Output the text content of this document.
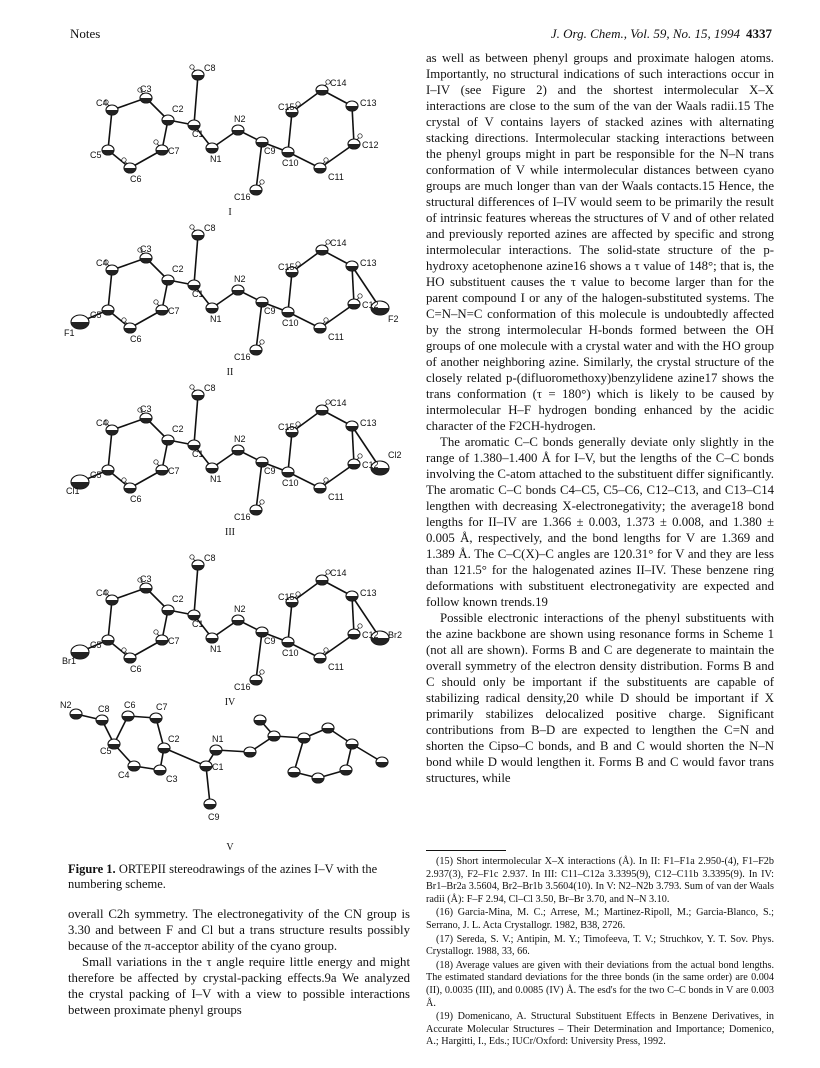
Notes	J. Org. Chem., Vol. 59, No. 15, 1994 4337
C3
C4
C2
C8
C1
C7
N1
N2
C9
C5
C6
C15
C14
C13
C10
C12
C11
C16
I
C3
C4
C2
C8
C1
N2
C12
C11
C13
F1
C5	C7
N1
C9
F2
C6
C10
C14
C15
C16
II
C4
C3
C5
C2
C8
C1
Cl1
C6
C7
N2
C12
C11
C13
Cl2
N1
C9
C10
C14
C15
C16
III
C4
C3
C5
C2
C8
C1
C12
N2
C11
C13
Br1
C6
C7
N1
C9
Br2
C10
C14
C15
C16
IV
N2	C8 C6 C7
N1
C5
C2
C1
C4	C3
C9
V
Figure 1. ORTEPII stereodrawings of the azines I–V with the numbering scheme.

overall C2h symmetry. The electronegativity of the CN group is 3.30 and between F and Cl but a trans structure results possibly because of the π-acceptor ability of the cyano group.

Small variations in the τ angle require little energy and might therefore be affected by crystal-packing effects.9a We analyzed the crystal packing of I–V with a view to possible interactions between proximate phenyl groups

as well as between phenyl groups and proximate halogen atoms. Importantly, no structural indications of such interactions occur in I–IV (see Figure 2) and the shortest intermolecular X–X interactions are close to the sum of the van der Waals radii.15 The crystal of V contains layers of stacked azines with alternating stacking directions. Intermolecular stacking interactions between the phenyl groups might in part be responsible for the N–N trans conformation of V while intermolecular distances between cyano groups are much longer than van der Waals contacts.15 Hence, the structural differences of I–IV would seem to be primarily the result of intrinsic features whereas the structures of V and of other related and previously reported azines are affected by specific and strong intermolecular interactions. The solid-state structure of the p-hydroxy acetophenone azine16 shows a τ value of 148°; that is, the HO substituent causes the τ value to become larger than for the parent compound I or any of the halogen-substituted systems. The C=N–N=C conformation of this molecule is undoubtedly affected by the strong intermolecular H-bonds formed between the OH groups of one molecule with a crystal water and with the HO group of another neighboring azine. Similarly, the crystal structure of the closely related p-(difluoromethoxy)benzylidene azine17 shows the trans conformation (τ = 180°) which is likely to be caused by intermolecular H–F hydrogen bonding enhanced by the acidic character of the F2CH-hydrogen.

The aromatic C–C bonds generally deviate only slightly in the range of 1.380–1.400 Å for I–V, but the lengths of the C–C bonds involving the C-atom attached to the substituent differ significantly. The aromatic C–C bonds C4–C5, C5–C6, C12–C13, and C13–C14 lengthen with decreasing X-electronegativity; the average18 bond lengths for II–IV are 1.366 ± 0.003, 1.373 ± 0.008, and 1.380 ± 0.005 Å, respectively, and the bond lengths for V are 1.369 and 1.389 Å. The C–C(X)–C angles are 120.31° for V and they are less than 121.5° for the halogenated azines II–IV. These benzene ring deformations with substituent electronegativity are expected and follow known trends.19

Possible electronic interactions of the phenyl substituents with the azine backbone are shown using resonance forms in Scheme 1 (not all are shown). Forms B and C are degenerate to maintain the overall symmetry of the electron density distribution. Forms B and C should only be important if the substituents are capable of stabilizing radical density,20 while D should be important if X primarily stabilizes delocalized positive charge. Significant contributions from B–D are expected to lengthen the C=N and shorten the Cipso–C bonds, and B and C would shorten the N–N bond while D would lengthen it. Forms B and C would favor trans structures, while

(15) Short intermolecular X–X interactions (Å). In II: F1–F1a 2.950-(4), F1–F2b 2.937(3), F2–F1c 2.937. In III: C11–C12a 3.3395(9), C12–C11b 3.3395(9). In IV: Br1–Br2a 3.5604, Br2–Br1b 3.5604(10). In V: N2–N2b 3.793. Sum of van der Waals radii (Å): F–F 2.94, Cl–Cl 3.50, Br–Br 3.70, and N–N 3.10.

(16) Garcia-Mina, M. C.; Arrese, M.; Martinez-Ripoll, M.; Garcia-Blanco, S.; Serrano, J. L. Acta Crystallogr. 1982, B38, 2726.

(17) Sereda, S. V.; Antipin, M. Y.; Timofeeva, T. V.; Struchkov, Y. T. Sov. Phys. Crystallogr. 1988, 33, 66.

(18) Average values are given with their deviations from the actual bond lengths. The estimated standard deviations for the three bonds (in the same order) are 0.004 (II), 0.0035 (III), and 0.0085 (IV) Å. The esd's for the two C–C bonds in V are 0.003 Å.

(19) Domenicano, A. Structural Substituent Effects in Benzene Derivatives, in Accurate Molecular Structures – Their Determination and Importance; Domenico, A.; Hargitti, I., Eds.; IUCr/Oxford: University Press, 1992.
